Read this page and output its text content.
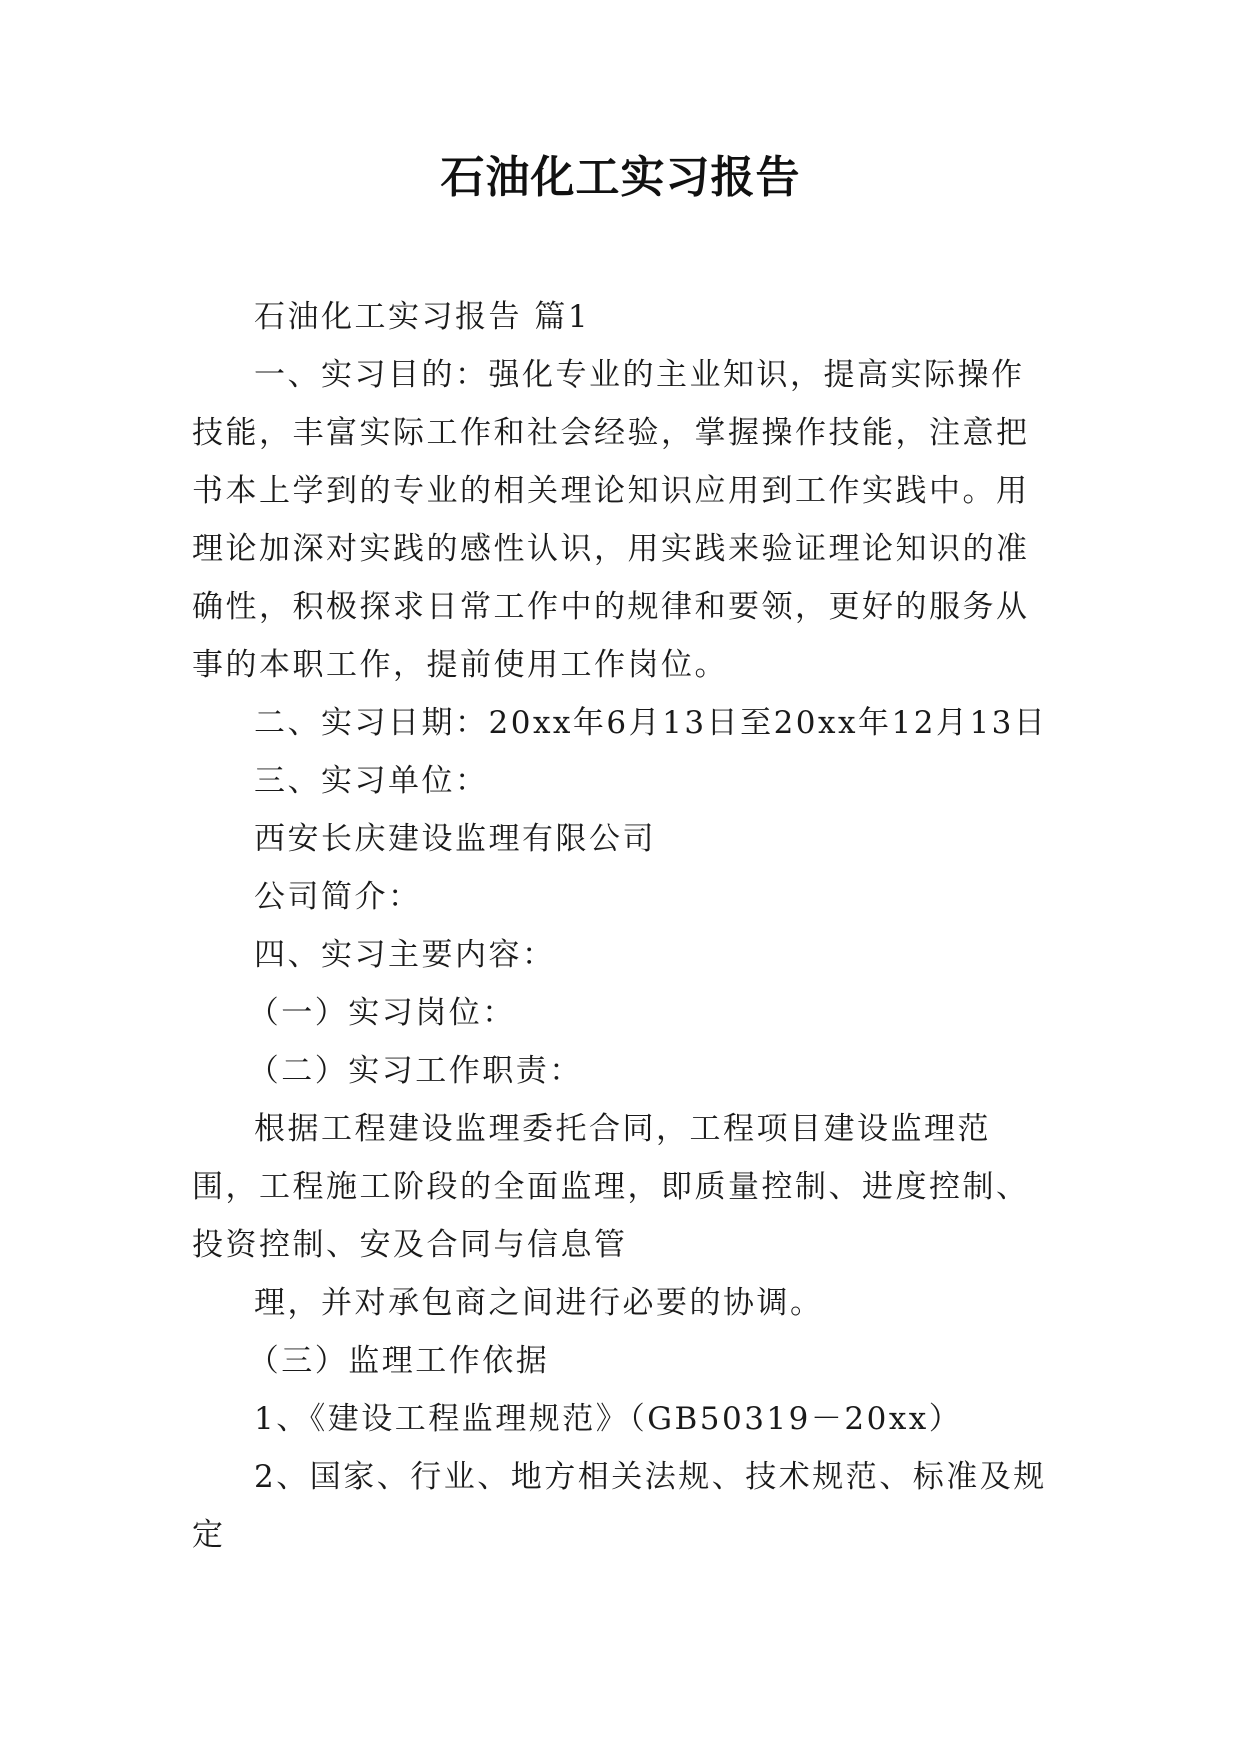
石油化工实习报告

石油化工实习报告 篇1

一、实习目的：强化专业的主业知识，提高实际操作技能，丰富实际工作和社会经验，掌握操作技能，注意把书本上学到的专业的相关理论知识应用到工作实践中。用理论加深对实践的感性认识，用实践来验证理论知识的准确性，积极探求日常工作中的规律和要领，更好的服务从事的本职工作，提前使用工作岗位。

二、实习日期：20xx年6月13日至20xx年12月13日

三、实习单位：

西安长庆建设监理有限公司

公司简介：

四、实习主要内容：

（一）实习岗位：

（二）实习工作职责：

根据工程建设监理委托合同，工程项目建设监理范围，工程施工阶段的全面监理，即质量控制、进度控制、投资控制、安及合同与信息管

理，并对承包商之间进行必要的协调。

（三）监理工作依据

1、《建设工程监理规范》（GB50319－20xx）

2、国家、行业、地方相关法规、技术规范、标准及规定
